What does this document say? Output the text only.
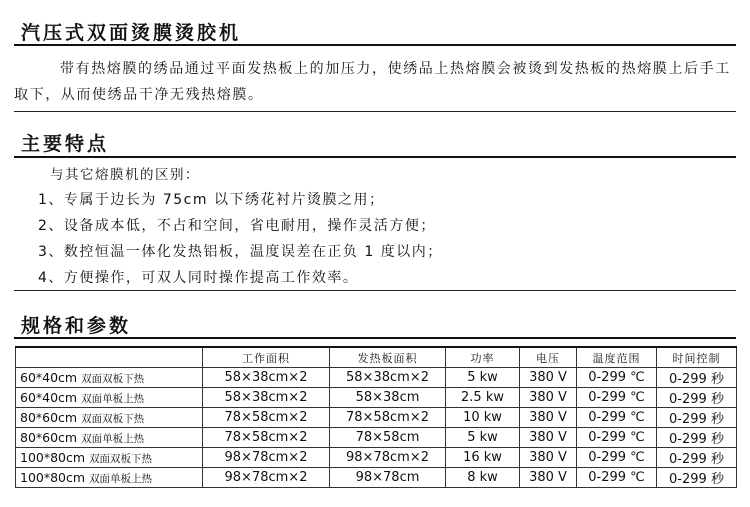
汽压式双面烫膜烫胶机

带有热熔膜的绣品通过平面发热板上的加压力，使绣品上热熔膜会被烫到发热板的热熔膜上后手工取下，从而使绣品干净无残热熔膜。

主要特点

与其它熔膜机的区别：

1、专属于边长为 75cm 以下绣花衬片烫膜之用；
2、设备成本低，不占和空间，省电耐用，操作灵活方便；
3、数控恒温一体化发热铝板，温度误差在正负 1 度以内；
4、方便操作，可双人同时操作提高工作效率。
规格和参数
	工作面积	发热板面积	功率	电压	温度范围	时间控制
60*40cm 双面双板下热	58×38cm×2	58×38cm×2	5 kw	380 V	0-299 ℃	0-299 秒
60*40cm 双面单板上热	58×38cm×2	58×38cm	2.5 kw	380 V	0-299 ℃	0-299 秒
80*60cm 双面双板下热	78×58cm×2	78×58cm×2	10 kw	380 V	0-299 ℃	0-299 秒
80*60cm 双面单板上热	78×58cm×2	78×58cm	5 kw	380 V	0-299 ℃	0-299 秒
100*80cm 双面双板下热	98×78cm×2	98×78cm×2	16 kw	380 V	0-299 ℃	0-299 秒
100*80cm 双面单板上热	98×78cm×2	98×78cm	8 kw	380 V	0-299 ℃	0-299 秒
